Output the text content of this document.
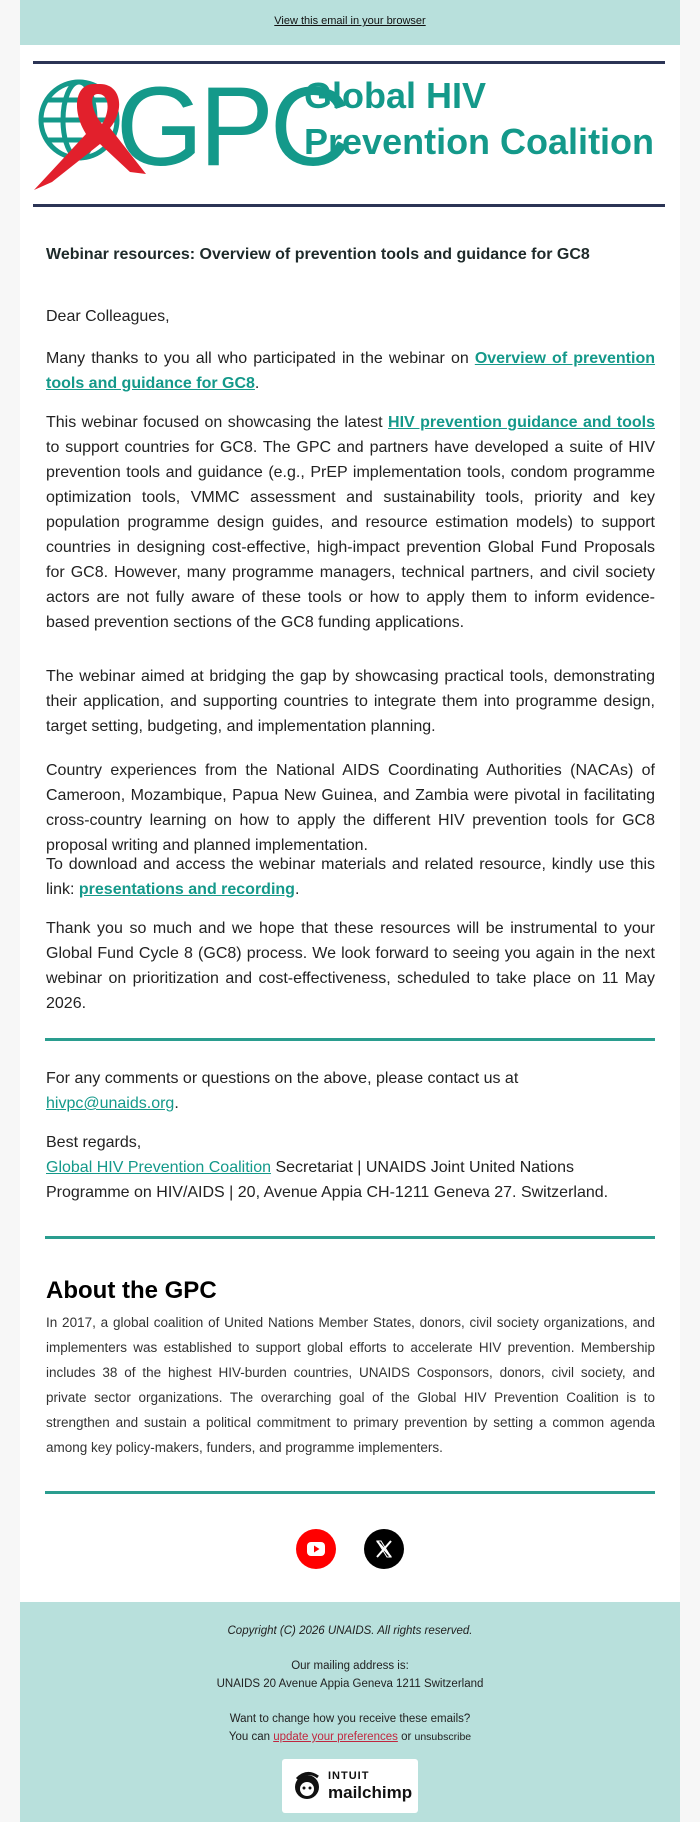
View this email in your browser
GPC
Global HIV
Prevention Coalition
Webinar resources: Overview of prevention tools and guidance for GC8
Dear Colleagues,
Many thanks to you all who participated in the webinar on Overview of prevention tools and guidance for GC8.
This webinar focused on showcasing the latest HIV prevention guidance and tools to support countries for GC8. The GPC and partners have developed a suite of HIV prevention tools and guidance (e.g., PrEP implementation tools, condom programme optimization tools, VMMC assessment and sustainability tools, priority and key population programme design guides, and resource estimation models) to support countries in designing cost-effective, high-impact prevention Global Fund Proposals for GC8. However, many programme managers, technical partners, and civil society actors are not fully aware of these tools or how to apply them to inform evidence-based prevention sections of the GC8 funding applications.
The webinar aimed at bridging the gap by showcasing practical tools, demonstrating their application, and supporting countries to integrate them into programme design, target setting, budgeting, and implementation planning.
Country experiences from the National AIDS Coordinating Authorities (NACAs) of Cameroon, Mozambique, Papua New Guinea, and Zambia were pivotal in facilitating cross-country learning on how to apply the different HIV prevention tools for GC8 proposal writing and planned implementation.
To download and access the webinar materials and related resource, kindly use this link: presentations and recording.
Thank you so much and we hope that these resources will be instrumental to your Global Fund Cycle 8 (GC8) process. We look forward to seeing you again in the next webinar on prioritization and cost-effectiveness, scheduled to take place on 11 May 2026.
For any comments or questions on the above, please contact us at
hivpc@unaids.org.
Best regards,
Global HIV Prevention Coalition Secretariat | UNAIDS Joint United Nations Programme on HIV/AIDS | 20, Avenue Appia CH-1211 Geneva 27. Switzerland.
About the GPC
In 2017, a global coalition of United Nations Member States, donors, civil society organizations, and implementers was established to support global efforts to accelerate HIV prevention. Membership includes 38 of the highest HIV-burden countries, UNAIDS Cosponsors, donors, civil society, and private sector organizations. The overarching goal of the Global HIV Prevention Coalition is to strengthen and sustain a political commitment to primary prevention by setting a common agenda among key policy-makers, funders, and programme implementers.
Copyright (C) 2026 UNAIDS. All rights reserved.
Our mailing address is:
UNAIDS 20 Avenue Appia Geneva 1211 Switzerland
Want to change how you receive these emails?
You can update your preferences or unsubscribe
INTUIT
mailchimp
